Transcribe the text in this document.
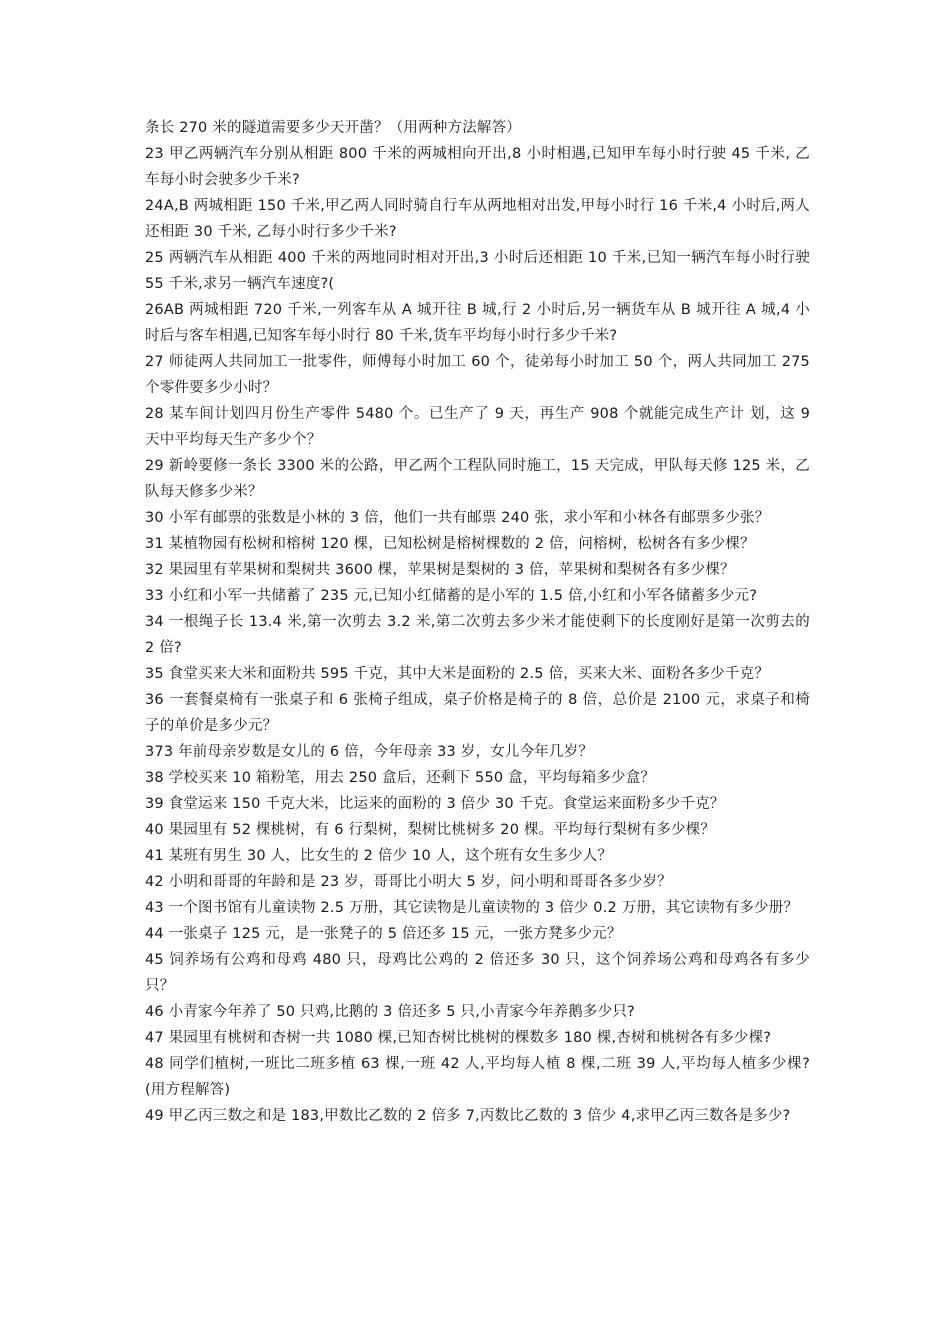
条长 270 米的隧道需要多少天开凿？（用两种方法解答）

23 甲乙两辆汽车分别从相距 800 千米的两城相向开出,8 小时相遇,已知甲车每小时行驶 45 千米, 乙车每小时会驶多少千米?

24A,B 两城相距 150 千米,甲乙两人同时骑自行车从两地相对出发,甲每小时行 16 千米,4 小时后,两人还相距 30 千米, 乙每小时行多少千米?

25 两辆汽车从相距 400 千米的两地同时相对开出,3 小时后还相距 10 千米,已知一辆汽车每小时行驶 55 千米,求另一辆汽车速度?(

26AB 两城相距 720 千米,一列客车从 A 城开往 B 城,行 2 小时后,另一辆货车从 B 城开往 A 城,4 小时后与客车相遇,已知客车每小时行 80 千米,货车平均每小时行多少千米?

27 师徒两人共同加工一批零件，师傅每小时加工 60 个，徒弟每小时加工 50 个，两人共同加工 275 个零件要多少小时？

28 某车间计划四月份生产零件 5480 个。已生产了 9 天，再生产 908 个就能完成生产计 划，这 9 天中平均每天生产多少个？

29 新岭要修一条长 3300 米的公路，甲乙两个工程队同时施工，15 天完成，甲队每天修 125 米，乙队每天修多少米？

30 小军有邮票的张数是小林的 3 倍，他们一共有邮票 240 张，求小军和小林各有邮票多少张？

31 某植物园有松树和榕树 120 棵，已知松树是榕树棵数的 2 倍，问榕树，松树各有多少棵？

32 果园里有苹果树和梨树共 3600 棵，苹果树是梨树的 3 倍，苹果树和梨树各有多少棵？

33 小红和小军一共储蓄了 235 元,已知小红储蓄的是小军的 1.5 倍,小红和小军各储蓄多少元?

34 一根绳子长 13.4 米,第一次剪去 3.2 米,第二次剪去多少米才能使剩下的长度刚好是第一次剪去的 2 倍?

35 食堂买来大米和面粉共 595 千克，其中大米是面粉的 2.5 倍，买来大米、面粉各多少千克？

36 一套餐桌椅有一张桌子和 6 张椅子组成，桌子价格是椅子的 8 倍，总价是 2100 元，求桌子和椅子的单价是多少元？

373 年前母亲岁数是女儿的 6 倍，今年母亲 33 岁，女儿今年几岁？

38 学校买来 10 箱粉笔，用去 250 盒后，还剩下 550 盒，平均每箱多少盒？

39 食堂运来 150 千克大米，比运来的面粉的 3 倍少 30 千克。食堂运来面粉多少千克？

40 果园里有 52 棵桃树，有 6 行梨树，梨树比桃树多 20 棵。平均每行梨树有多少棵？

41 某班有男生 30 人，比女生的 2 倍少 10 人，这个班有女生多少人？

42 小明和哥哥的年龄和是 23 岁，哥哥比小明大 5 岁，问小明和哥哥各多少岁？

43 一个图书馆有儿童读物 2.5 万册，其它读物是儿童读物的 3 倍少 0.2 万册，其它读物有多少册？

44 一张桌子 125 元，是一张凳子的 5 倍还多 15 元，一张方凳多少元？

45 饲养场有公鸡和母鸡 480 只，母鸡比公鸡的 2 倍还多 30 只，这个饲养场公鸡和母鸡各有多少只？

46 小青家今年养了 50 只鸡,比鹅的 3 倍还多 5 只,小青家今年养鹅多少只?

47 果园里有桃树和杏树一共 1080 棵,已知杏树比桃树的棵数多 180 棵,杏树和桃树各有多少棵?

48 同学们植树,一班比二班多植 63 棵,一班 42 人,平均每人植 8 棵,二班 39 人,平均每人植多少棵?(用方程解答)

49 甲乙丙三数之和是 183,甲数比乙数的 2 倍多 7,丙数比乙数的 3 倍少 4,求甲乙丙三数各是多少?
